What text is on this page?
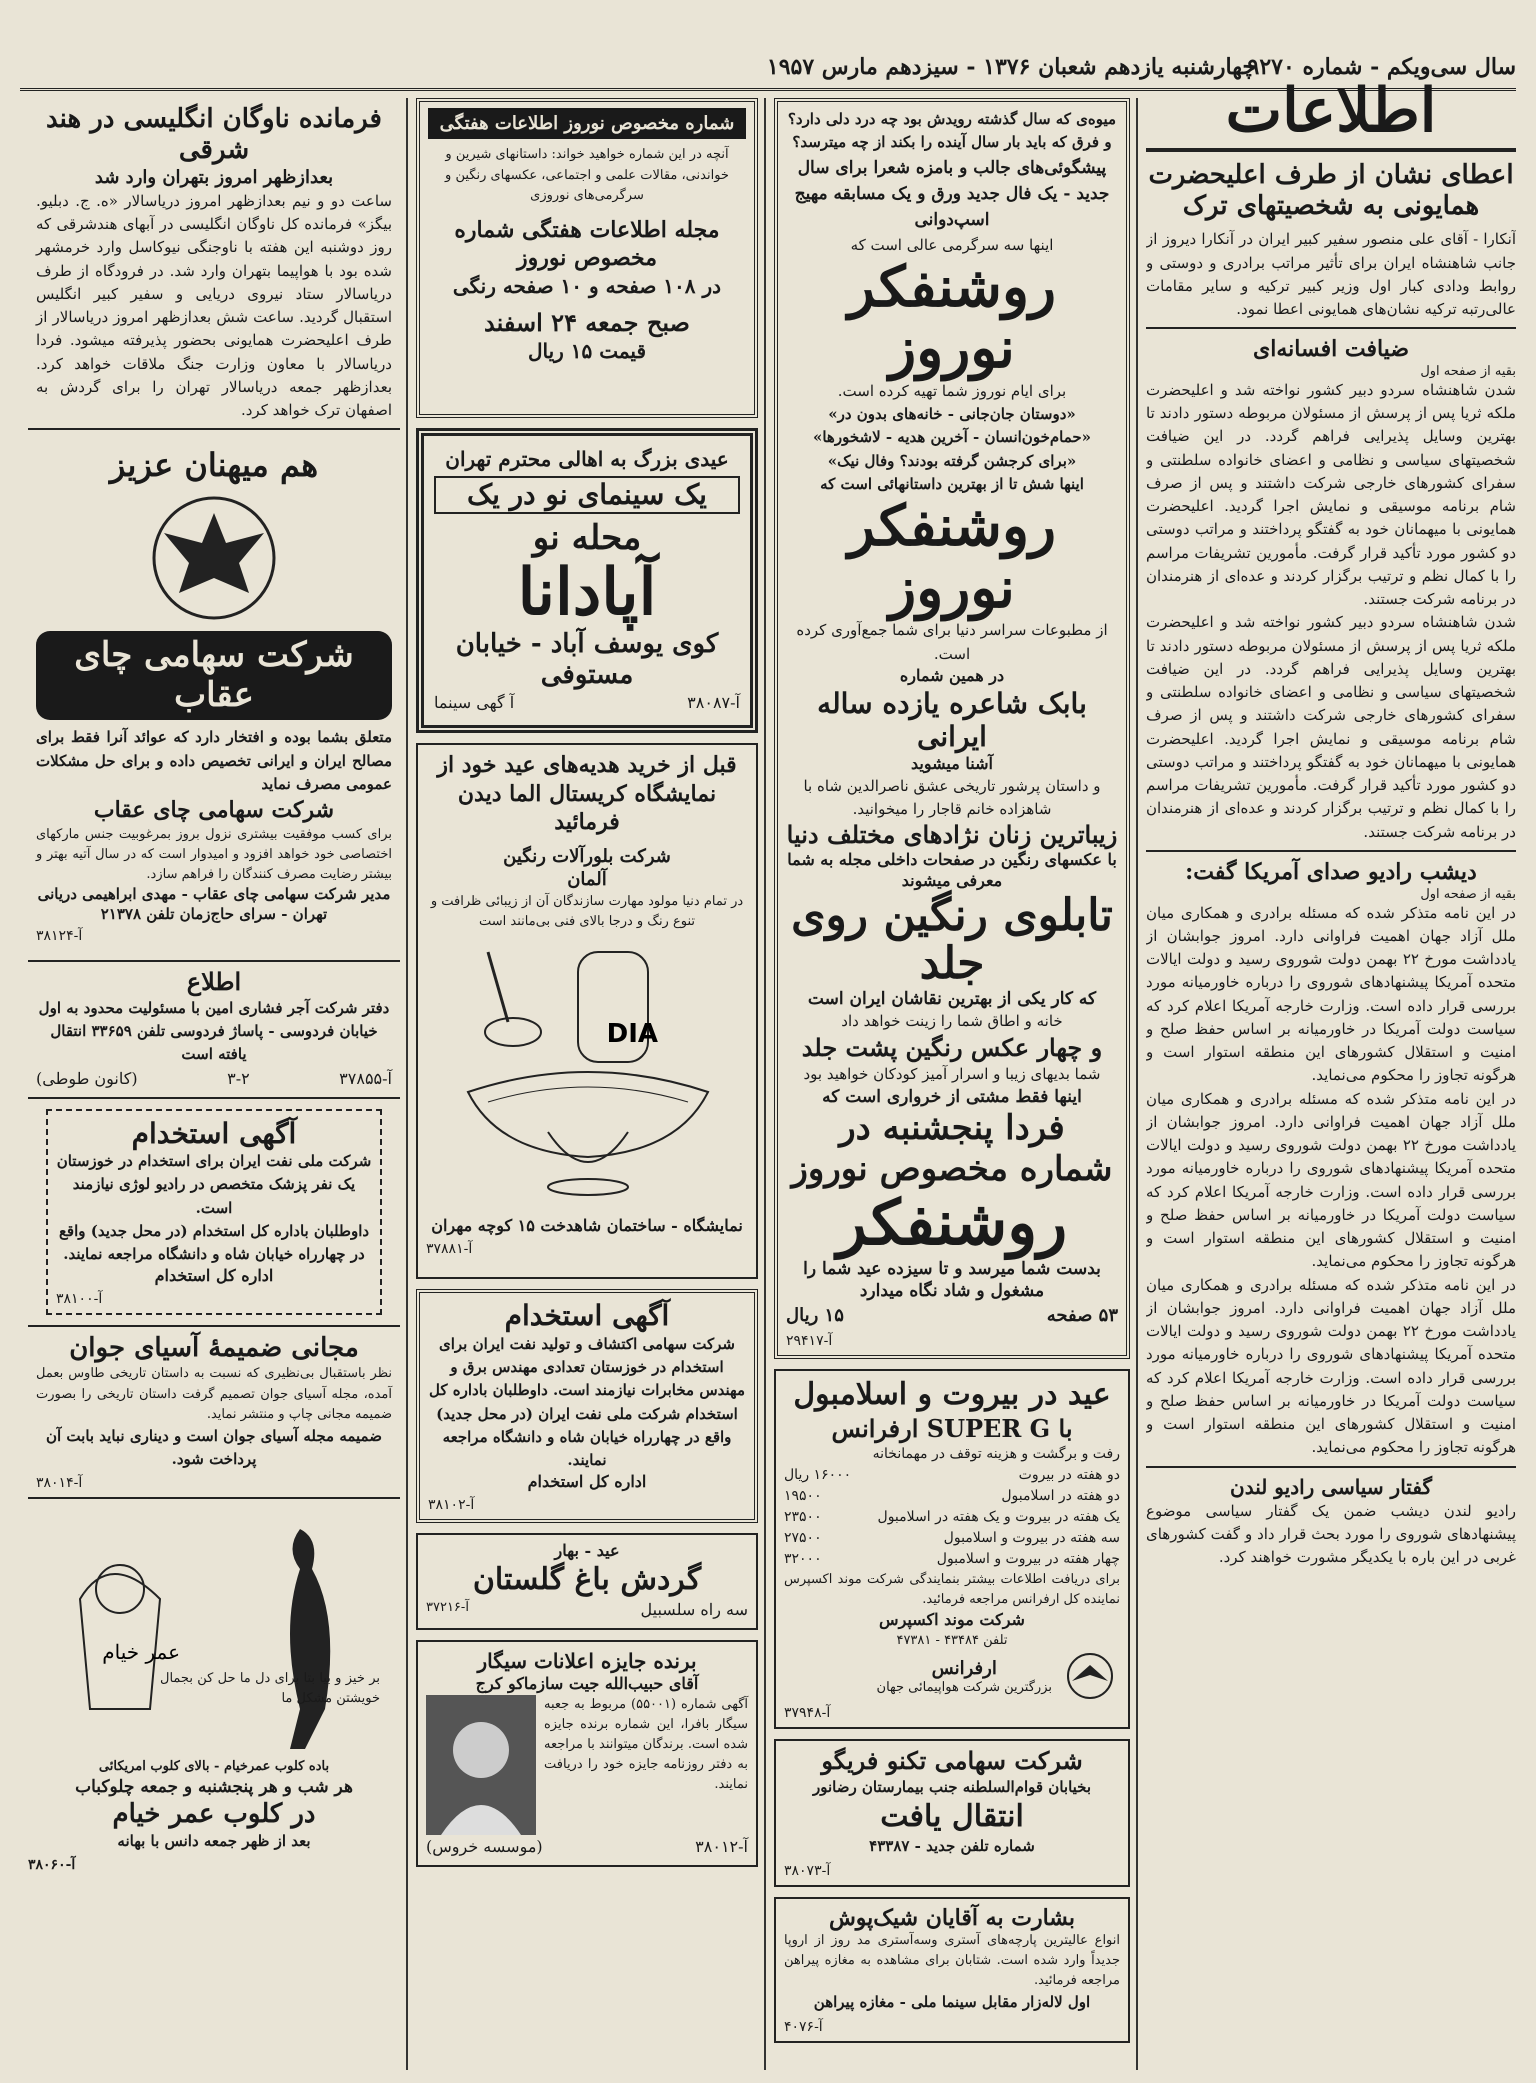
سال سی‌ویکم - شماره ۹۲۷۰
چهارشنبه یازدهم شعبان ۱۳۷۶ - سیزدهم مارس ۱۹۵۷
اطلاعات
اعطای نشان از طرف اعلیحضرت همایونی به شخصیتهای ترک
آنکارا - آقای علی منصور سفیر کبیر ایران در آنکارا دیروز از جانب شاهنشاه ایران برای تأثیر مراتب برادری و دوستی و روابط ودادی کبار اول وزیر کبیر ترکیه و سایر مقامات عالی‌رتبه ترکیه نشان‌های همایونی اعطا نمود.
ضیافت افسانه‌ای
بقیه از صفحه اول
شدن شاهنشاه سردو دبیر کشور نواخته شد و اعلیحضرت ملکه ثریا پس از پرسش از مسئولان مربوطه دستور دادند تا بهترین وسایل پذیرایی فراهم گردد. در این ضیافت شخصیتهای سیاسی و نظامی و اعضای خانواده سلطنتی و سفرای کشورهای خارجی شرکت داشتند و پس از صرف شام برنامه موسیقی و نمایش اجرا گردید. اعلیحضرت همایونی با میهمانان خود به گفتگو پرداختند و مراتب دوستی دو کشور مورد تأکید قرار گرفت. مأمورین تشریفات مراسم را با کمال نظم و ترتیب برگزار کردند و عده‌ای از هنرمندان در برنامه شرکت جستند.
شدن شاهنشاه سردو دبیر کشور نواخته شد و اعلیحضرت ملکه ثریا پس از پرسش از مسئولان مربوطه دستور دادند تا بهترین وسایل پذیرایی فراهم گردد. در این ضیافت شخصیتهای سیاسی و نظامی و اعضای خانواده سلطنتی و سفرای کشورهای خارجی شرکت داشتند و پس از صرف شام برنامه موسیقی و نمایش اجرا گردید. اعلیحضرت همایونی با میهمانان خود به گفتگو پرداختند و مراتب دوستی دو کشور مورد تأکید قرار گرفت. مأمورین تشریفات مراسم را با کمال نظم و ترتیب برگزار کردند و عده‌ای از هنرمندان در برنامه شرکت جستند.
دیشب رادیو صدای آمریکا گفت:
بقیه از صفحه اول
در این نامه متذکر شده که مسئله برادری و همکاری میان ملل آزاد جهان اهمیت فراوانی دارد. امروز جوابشان از یادداشت مورخ ۲۲ بهمن دولت شوروی رسید و دولت ایالات متحده آمریکا پیشنهادهای شوروی را درباره خاورمیانه مورد بررسی قرار داده است. وزارت خارجه آمریکا اعلام کرد که سیاست دولت آمریکا در خاورمیانه بر اساس حفظ صلح و امنیت و استقلال کشورهای این منطقه استوار است و هرگونه تجاوز را محکوم می‌نماید.
در این نامه متذکر شده که مسئله برادری و همکاری میان ملل آزاد جهان اهمیت فراوانی دارد. امروز جوابشان از یادداشت مورخ ۲۲ بهمن دولت شوروی رسید و دولت ایالات متحده آمریکا پیشنهادهای شوروی را درباره خاورمیانه مورد بررسی قرار داده است. وزارت خارجه آمریکا اعلام کرد که سیاست دولت آمریکا در خاورمیانه بر اساس حفظ صلح و امنیت و استقلال کشورهای این منطقه استوار است و هرگونه تجاوز را محکوم می‌نماید.
در این نامه متذکر شده که مسئله برادری و همکاری میان ملل آزاد جهان اهمیت فراوانی دارد. امروز جوابشان از یادداشت مورخ ۲۲ بهمن دولت شوروی رسید و دولت ایالات متحده آمریکا پیشنهادهای شوروی را درباره خاورمیانه مورد بررسی قرار داده است. وزارت خارجه آمریکا اعلام کرد که سیاست دولت آمریکا در خاورمیانه بر اساس حفظ صلح و امنیت و استقلال کشورهای این منطقه استوار است و هرگونه تجاوز را محکوم می‌نماید.
گفتار سیاسی رادیو لندن
رادیو لندن دیشب ضمن یک گفتار سیاسی موضوع پیشنهادهای شوروی را مورد بحث قرار داد و گفت کشورهای غربی در این باره با یکدیگر مشورت خواهند کرد.
میوه‌ی که سال گذشته رویدش بود چه درد دلی دارد؟ و فرق که باید بار سال آینده را بکند از چه میترسد؟
پیشگوئی‌های جالب و بامزه شعرا برای سال جدید - یک فال جدید ورق و یک مسابقه مهیج اسپ‌دوانی
اینها سه سرگرمی عالی است که
روشنفکر نوروز
برای ایام نوروز شما تهیه کرده است.
«دوستان جان‌جانی - خانه‌های بدون در»
«حمام‌خون‌انسان - آخرین هدیه - لاشخورها»
«برای کرجشن گرفته بودند؟ وفال نیک»
اینها شش تا از بهترین داستانهائی است که
روشنفکر نوروز
از مطبوعات سراسر دنیا برای شما جمع‌آوری کرده است.
در همین شماره
بابک شاعره یازده ساله ایرانی
آشنا میشوید
و داستان پرشور تاریخی عشق ناصرالدین شاه با شاهزاده خانم قاجار را میخوانید.
زیباترین زنان نژادهای مختلف دنیا
با عکسهای رنگین در صفحات داخلی مجله به شما معرفی میشوند
تابلوی رنگین روی جلد
که کار یکی از بهترین نقاشان ایران است
خانه و اطاق شما را زینت خواهد داد
و چهار عکس رنگین پشت جلد
شما بدیهای زیبا و اسرار آمیز کودکان خواهید بود
اینها فقط مشتی از خرواری است که
فردا پنجشنبه در
شماره مخصوص نوروز
روشنفکر
بدست شما میرسد و تا سیزده عید شما را مشغول و شاد نگاه میدارد
۵۳ صفحه
۱۵ ریال
آ-۲۹۴۱۷
عید در بیروت و اسلامبول
با SUPER G ارفرانس
رفت و برگشت و هزینه توقف در مهمانخانه
دو هفته در بیروت
۱۶۰۰۰ ریال
دو هفته در اسلامبول
۱۹۵۰۰
یک هفته در بیروت و یک هفته در اسلامبول
۲۳۵۰۰
سه هفته در بیروت و اسلامبول
۲۷۵۰۰
چهار هفته در بیروت و اسلامبول
۳۲۰۰۰
برای دریافت اطلاعات بیشتر بنمایندگی شرکت موند اکسپرس نماینده کل ارفرانس مراجعه فرمائید.
شرکت موند اکسپرس
تلفن ۴۳۴۸۴ - ۴۷۳۸۱
ارفرانس
بزرگترین شرکت هواپیمائی جهان
آ-۳۷۹۴۸
شرکت سهامی تکنو فریگو
بخیابان قوام‌السلطنه جنب بیمارستان رضانور
انتقال یافت
شماره تلفن جدید - ۴۳۳۸۷
آ-۳۸۰۷۳
بشارت به آقایان شیک‌پوش
انواع عالیترین پارچه‌های آستری وسه‌آستری مد روز از اروپا جدیداً وارد شده است. شتابان برای مشاهده به مغازه پیراهن مراجعه فرمائید.
اول لاله‌زار مقابل سینما ملی - مغازه پیراهن
آ-۴۰۷۶
شماره مخصوص نوروز اطلاعات هفتگی
آنچه در این شماره خواهید خواند: داستانهای شیرین و خواندنی، مقالات علمی و اجتماعی، عکسهای رنگین و سرگرمی‌های نوروزی
مجله اطلاعات هفتگی شماره مخصوص نوروز
در ۱۰۸ صفحه و ۱۰ صفحه رنگی
صبح جمعه ۲۴ اسفند
قیمت ۱۵ ریال
عیدی بزرگ به اهالی محترم تهران
یک سینمای نو در یک
محله نو
آپادانا
کوی یوسف آباد - خیابان
مستوفی
آ-۳۸۰۸۷
آ گهی سینما
قبل از خرید هدیه‌های عید خود از
نمایشگاه کریستال الما دیدن فرمائید
شرکت بلورآلات رنگین
آلمان
در تمام دنیا مولود مهارت سازندگان آن از زیبائی ظرافت و تنوع رنگ و درجا بالای فنی بی‌مانند است
DIA
نمایشگاه - ساختمان شاهدخت ۱۵ کوچه مهران
آ-۳۷۸۸۱
آگهی استخدام
شرکت سهامی اکتشاف و تولید نفت ایران برای استخدام در خوزستان تعدادی مهندس برق و مهندس مخابرات نیازمند است. داوطلبان باداره کل استخدام شرکت ملی نفت ایران (در محل جدید) واقع در چهارراه خیابان شاه و دانشگاه مراجعه نمایند.
اداره کل استخدام
آ-۳۸۱۰۲
عید - بهار
گردش باغ گلستان
سه راه سلسبیل
آ-۳۷۲۱۶
برنده جایزه اعلانات سیگار
آقای حبیب‌الله جیت سازماکو کرج
آگهی شماره (۵۵۰۰۱) مربوط به جعبه سیگار بافرا، این شماره برنده جایزه شده است. برندگان میتوانند با مراجعه به دفتر روزنامه جایزه خود را دریافت نمایند.
آ-۳۸۰۱۲
(موسسه خروس)
فرمانده ناوگان انگلیسی در هند شرقی
بعدازظهر امروز بتهران وارد شد
ساعت دو و نیم بعدازظهر امروز دریاسالار «ه. ج. دبلیو. بیگز» فرمانده کل ناوگان انگلیسی در آبهای هندشرقی که روز دوشنبه این هفته با ناوجنگی نیوکاسل وارد خرمشهر شده بود با هواپیما بتهران وارد شد. در فرودگاه از طرف دریاسالار ستاد نیروی دریایی و سفیر کبیر انگلیس استقبال گردید. ساعت شش بعدازظهر امروز دریاسالار از طرف اعلیحضرت همایونی بحضور پذیرفته میشود. فردا دریاسالار با معاون وزارت جنگ ملاقات خواهد کرد. بعدازظهر جمعه دریاسالار تهران را برای گردش به اصفهان ترک خواهد کرد.
هم میهنان عزیز
شرکت سهامی چای عقاب
متعلق بشما بوده و افتخار دارد که عوائد آنرا فقط برای مصالح ایران و ایرانی تخصیص داده و برای حل مشکلات عمومی مصرف نماید
شرکت سهامی چای عقاب
برای کسب موفقیت بیشتری نزول بروز بمرغوبیت جنس مارکهای اختصاصی خود خواهد افزود و امیدوار است که در سال آتیه بهتر و بیشتر رضایت مصرف کنندگان را فراهم سازد.
مدیر شرکت سهامی چای عقاب - مهدی ابراهیمی دریانی
تهران - سرای حاج‌زمان تلفن ۲۱۳۷۸
آ-۳۸۱۲۴
اطلاع
دفتر شرکت آجر فشاری امین با مسئولیت محدود به اول خیابان فردوسی - پاساژ فردوسی تلفن ۳۳۶۵۹ انتقال یافته است
آ-۳۷۸۵۵
۳-۲
(کانون طوطی)
آگهی استخدام
شرکت ملی نفت ایران برای استخدام در خوزستان یک نفر پزشک متخصص در رادیو لوژی نیازمند است.
داوطلبان باداره کل استخدام (در محل جدید) واقع در چهارراه خیابان شاه و دانشگاه مراجعه نمایند.
اداره کل استخدام
آ-۳۸۱۰۰
مجانی ضمیمهٔ آسیای جوان
نظر باستقبال بی‌نظیری که نسبت به داستان تاریخی طاوس بعمل آمده، مجله آسیای جوان تصمیم گرفت داستان تاریخی را بصورت ضمیمه مجانی چاپ و منتشر نماید.
ضمیمه مجله آسیای جوان است و دیناری نباید بابت آن پرداخت شود.
آ-۳۸۰۱۴
عمر خیام
بر خیز و بیا بتا برای دل ما حل کن بجمال خویشتن مشکل ما
باده کلوب عمرخیام - بالای کلوب امریکائی
هر شب و هر پنجشنبه و جمعه چلوکباب
در کلوب عمر خیام
بعد از ظهر جمعه دانس با بهانه
آ-۳۸۰۶۰
